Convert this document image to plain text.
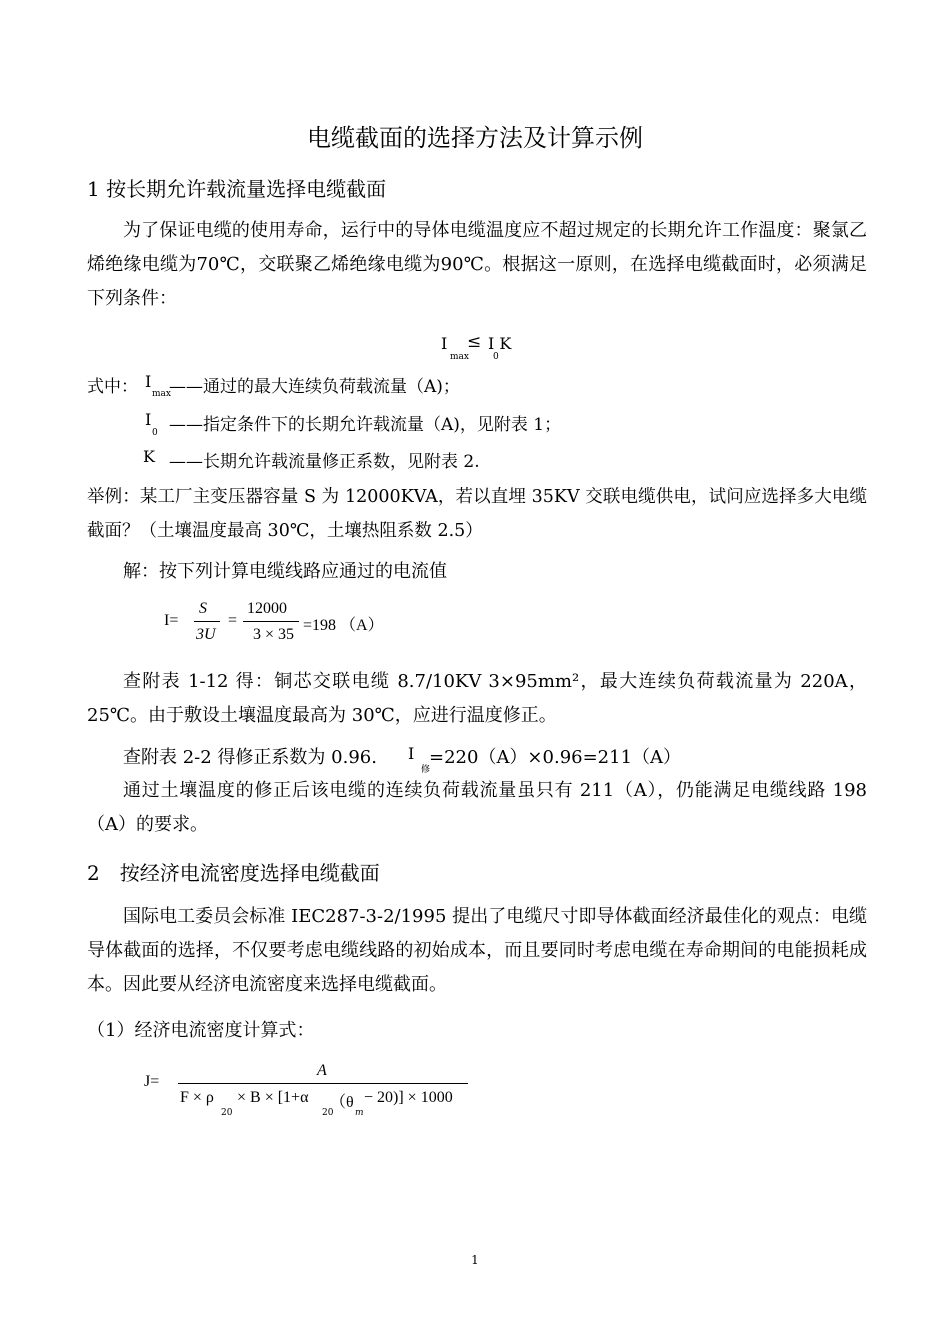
电缆截面的选择方法及计算示例
1 按长期允许载流量选择电缆截面
为了保证电缆的使用寿命，运行中的导体电缆温度应不超过规定的长期允许工作温度：聚氯乙烯绝缘电缆为70℃，交联聚乙烯绝缘电缆为90℃。根据这一原则，在选择电缆截面时，必须满足下列条件：
I
max
≤ I K
0
式中： I
max
——通过的最大连续负荷载流量（A)；
I
0 ——指定条件下的长期允许载流量（A)，见附表 1；
K ——长期允许载流量修正系数，见附表 2.
举例：某工厂主变压器容量 S 为 12000KVA，若以直埋 35KV 交联电缆供电，试问应选择多大电缆截面？（土壤温度最高 30℃，土壤热阻系数 2.5）
解：按下列计算电缆线路应通过的电流值
I=
S
3U
=
12000
3 × 35
=198 （A）
查附表 1-12 得：铜芯交联电缆 8.7/10KV 3×95mm²，最大连续负荷载流量为 220A，25℃。由于敷设土壤温度最高为 30℃，应进行温度修正。
查附表 2-2 得修正系数为 0.96. I
修
=220（A）×0.96=211（A）
通过土壤温度的修正后该电缆的连续负荷载流量虽只有 211（A），仍能满足电缆线路 198（A）的要求。
2　按经济电流密度选择电缆截面
国际电工委员会标准 IEC287-3-2/1995 提出了电缆尺寸即导体截面经济最佳化的观点：电缆导体截面的选择，不仅要考虑电缆线路的初始成本，而且要同时考虑电缆在寿命期间的电能损耗成本。因此要从经济电流密度来选择电缆截面。
（1）经济电流密度计算式：
J=
A
F × ρ
20
× B × [1+α
20
（θ
m
− 20)] × 1000
1
